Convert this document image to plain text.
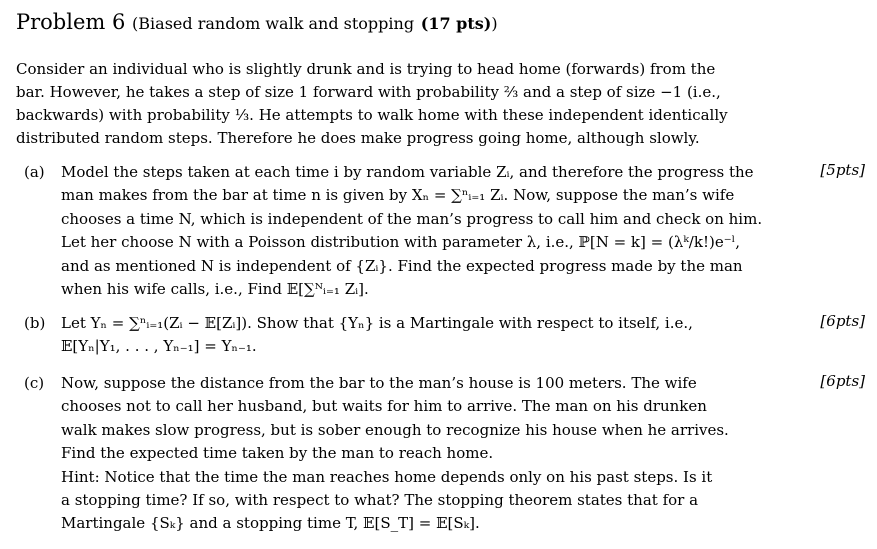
Problem 6 (Biased random walk and stopping (17 pts))
Consider an individual who is slightly drunk and is trying to head home (forwards) from the
bar. However, he takes a step of size 1 forward with probability ⅔ and a step of size −1 (i.e.,
backwards) with probability ⅓. He attempts to walk home with these independent identically
distributed random steps. Therefore he does make progress going home, although slowly.
(a)	Model the steps taken at each time i by random variable Zᵢ, and therefore the progress the
man makes from the bar at time n is given by Xₙ = ∑ⁿᵢ₌₁ Zᵢ. Now, suppose the man’s wife
chooses a time N, which is independent of the man’s progress to call him and check on him.
Let her choose N with a Poisson distribution with parameter λ, i.e., ℙ[N = k] = (λᵏ/k!)e⁻ˡ,
and as mentioned N is independent of {Zᵢ}. Find the expected progress made by the man
when his wife calls, i.e., Find 𝔼[∑ᴺᵢ₌₁ Zᵢ].
[5pts]
(b)	Let Yₙ = ∑ⁿᵢ₌₁(Zᵢ − 𝔼[Zᵢ]). Show that {Yₙ} is a Martingale with respect to itself, i.e.,
𝔼[Yₙ|Y₁, . . . , Yₙ₋₁] = Yₙ₋₁.
[6pts]
(c)	Now, suppose the distance from the bar to the man’s house is 100 meters. The wife
chooses not to call her husband, but waits for him to arrive. The man on his drunken
walk makes slow progress, but is sober enough to recognize his house when he arrives.
Find the expected time taken by the man to reach home.
Hint: Notice that the time the man reaches home depends only on his past steps. Is it
a stopping time? If so, with respect to what? The stopping theorem states that for a
Martingale {Sₖ} and a stopping time T, 𝔼[S_T] = 𝔼[Sₖ].
[6pts]
